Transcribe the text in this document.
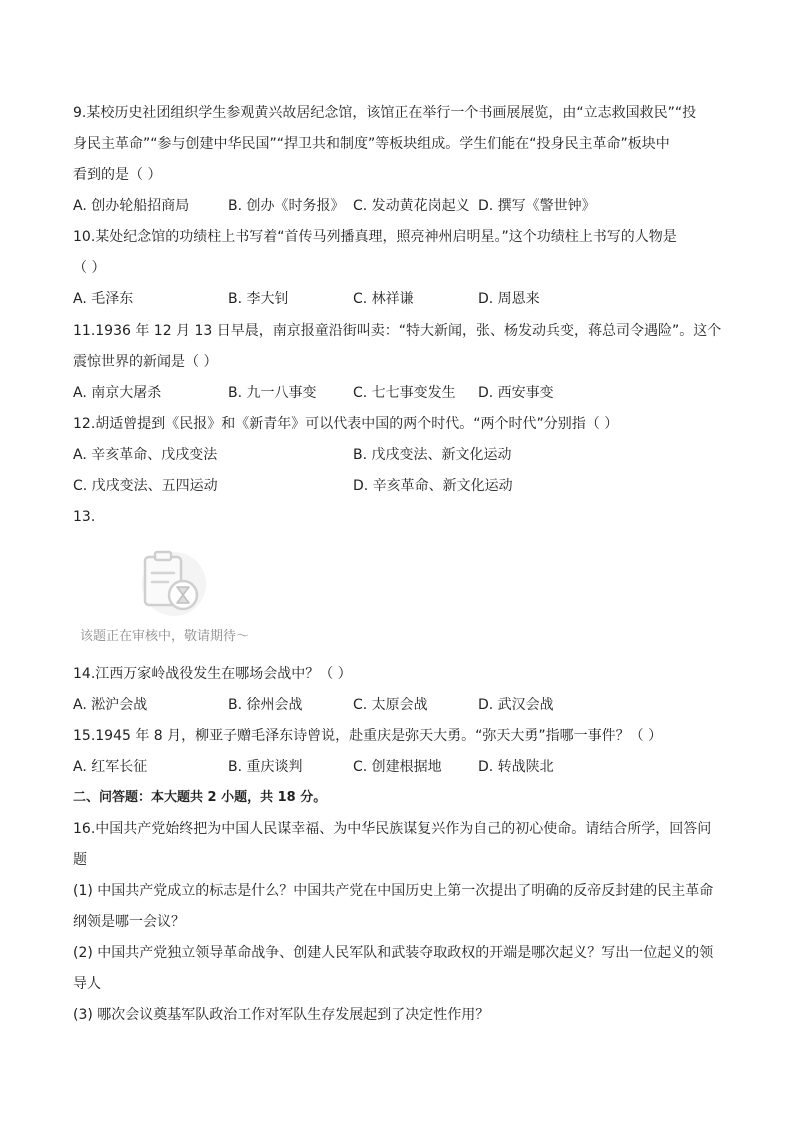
9.某校历史社团组织学生参观黄兴故居纪念馆，该馆正在举行一个书画展展览，由“立志救国救民”“投
身民主革命”“参与创建中华民国”“捍卫共和制度”等板块组成。学生们能在“投身民主革命”板块中
看到的是（ ）
A. 创办轮船招商局	B. 创办《时务报》 C. 发动黄花岗起义 D. 撰写《警世钟》
10.某处纪念馆的功绩柱上书写着“首传马列播真理，照亮神州启明星。”这个功绩柱上书写的人物是
（ ）
A. 毛泽东	B. 李大钊	C. 林祥谦	D. 周恩来
11.1936 年 12 月 13 日早晨，南京报童沿街叫卖：“特大新闻，张、杨发动兵变，蒋总司令遇险”。这个
震惊世界的新闻是（ ）
A. 南京大屠杀	B. 九一八事变	C. 七七事变发生 D. 西安事变
12.胡适曾提到《民报》和《新青年》可以代表中国的两个时代。“两个时代”分别指（ ）
A. 辛亥革命、戊戌变法	B. 戊戌变法、新文化运动
C. 戊戌变法、五四运动	D. 辛亥革命、新文化运动
13.
该题正在审核中，敬请期待～
14.江西万家岭战役发生在哪场会战中？（ ）
A. 淞沪会战	B. 徐州会战	C. 太原会战	D. 武汉会战
15.1945 年 8 月，柳亚子赠毛泽东诗曾说，赴重庆是弥天大勇。“弥天大勇”指哪一事件？（ ）
A. 红军长征	B. 重庆谈判	C. 创建根据地	D. 转战陕北
二、问答题：本大题共 2 小题，共 18 分。
16.中国共产党始终把为中国人民谋幸福、为中华民族谋复兴作为自己的初心使命。请结合所学，回答问
题
(1) 中国共产党成立的标志是什么？中国共产党在中国历史上第一次提出了明确的反帝反封建的民主革命
纲领是哪一会议？
(2) 中国共产党独立领导革命战争、创建人民军队和武装夺取政权的开端是哪次起义？写出一位起义的领
导人
(3) 哪次会议奠基军队政治工作对军队生存发展起到了决定性作用？
